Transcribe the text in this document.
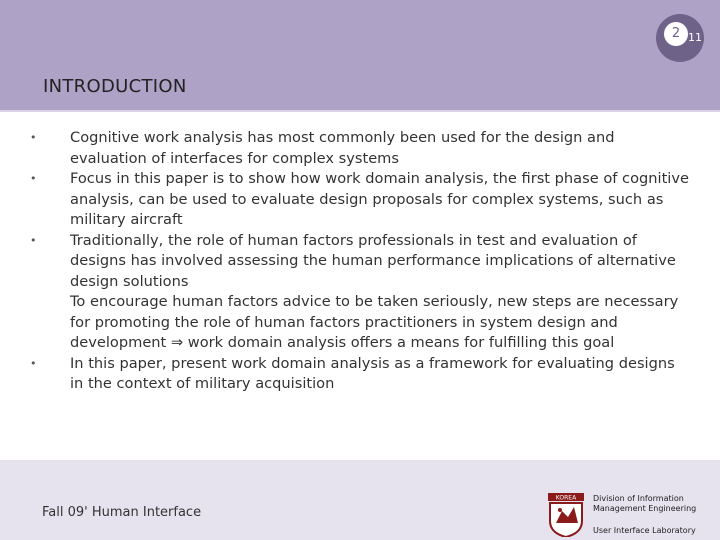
2 11
INTRODUCTION
• Cognitive work analysis has most commonly been used for the design and evaluation of interfaces for complex systems
• Focus in this paper is to show how work domain analysis, the first phase of cognitive analysis, can be used to evaluate design proposals for complex systems, such as military aircraft
• Traditionally, the role of human factors professionals in test and evaluation of designs has involved assessing the human performance implications of alternative design solutions
To encourage human factors advice to be taken seriously, new steps are necessary for promoting the role of human factors practitioners in system design and development ⇒ work domain analysis offers a means for fulfilling this goal
• In this paper, present work domain analysis as a framework for evaluating designs in the context of military acquisition
Fall 09' Human Interface
KOREA Division of Information Management Engineering
User Interface Laboratory
